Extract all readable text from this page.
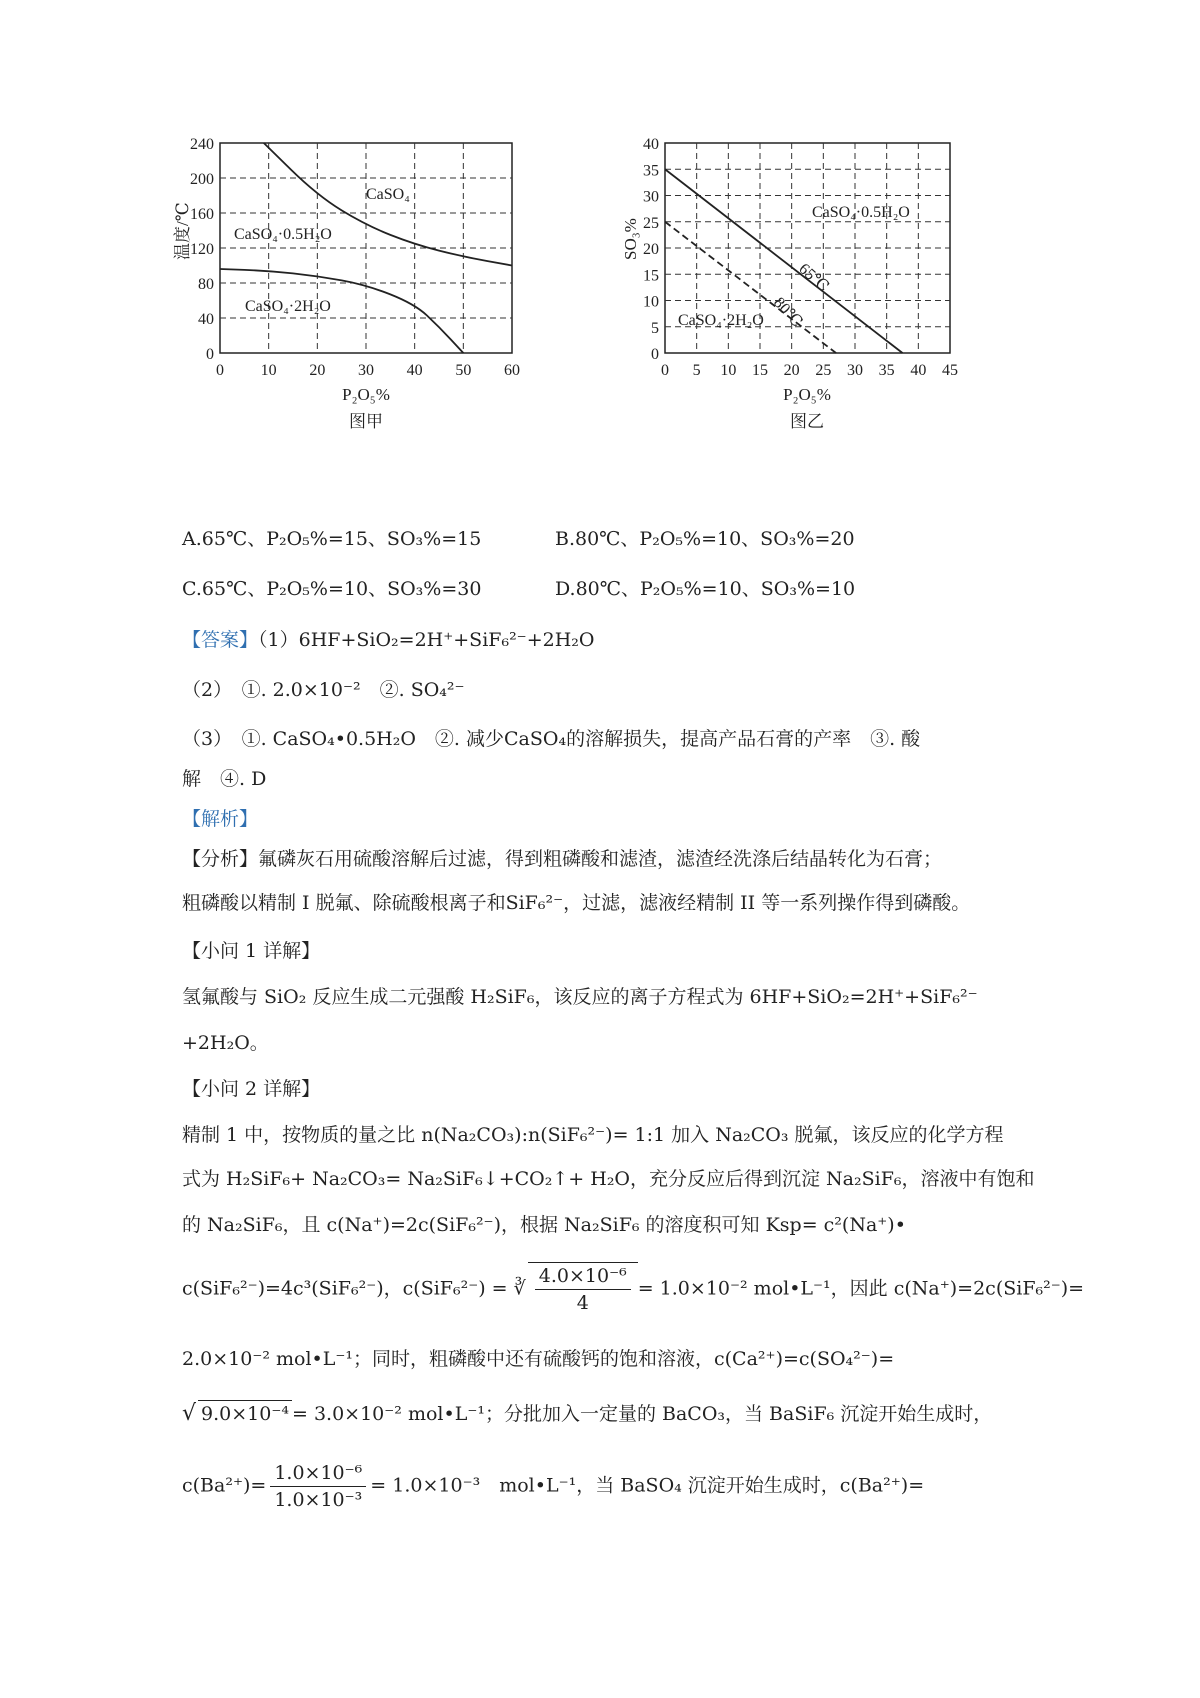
0 10 20 30 40 50 60
0
40
80
120
160
200
240
温度/℃
P₂O₅%
图甲
CaSO₄
CaSO₄·0.5H₂O
CaSO₄·2H₂O
0 5 10 15 20 25 30 35 40 45
0
5
10
15
20
25
30
35
40
SO₃%
P₂O₅%
图乙
CaSO₄·0.5H₂O
CaSO₄·2H₂O
65℃
80℃
A.65℃、P₂O₅%=15、SO₃%=15	B.80℃、P₂O₅%=10、SO₃%=20
C.65℃、P₂O₅%=10、SO₃%=30	D.80℃、P₂O₅%=10、SO₃%=10
【答案】（1）6HF+SiO₂=2H⁺+SiF₆²⁻+2H₂O
（2）　①. 2.0×10⁻²　②. SO₄²⁻
（3）　①. CaSO₄•0.5H₂O　②. 减少CaSO₄的溶解损失，提高产品石膏的产率　③. 酸
解　④. D
【解析】
【分析】氟磷灰石用硫酸溶解后过滤，得到粗磷酸和滤渣，滤渣经洗涤后结晶转化为石膏；
粗磷酸以精制 I 脱氟、除硫酸根离子和SiF₆²⁻，过滤，滤液经精制 II 等一系列操作得到磷酸。
【小问 1 详解】
氢氟酸与 SiO₂ 反应生成二元强酸 H₂SiF₆，该反应的离子方程式为 6HF+SiO₂=2H⁺+SiF₆²⁻
+2H₂O。
【小问 2 详解】
精制 1 中，按物质的量之比 n(Na₂CO₃):n(SiF₆²⁻)= 1:1 加入 Na₂CO₃ 脱氟，该反应的化学方程
式为 H₂SiF₆+ Na₂CO₃= Na₂SiF₆↓+CO₂↑+ H₂O，充分反应后得到沉淀 Na₂SiF₆，溶液中有饱和
的 Na₂SiF₆，且 c(Na⁺)=2c(SiF₆²⁻)，根据 Na₂SiF₆ 的溶度积可知 Ksp= c²(Na⁺)•
c(SiF₆²⁻)=4c³(SiF₆²⁻)，c(SiF₆²⁻) = ∛ $\frac{\text{4.0×10⁻⁶}}{4} = 1.0\times 10^{-2}$ mol•L⁻¹，因此 c(Na⁺)=2c(SiF₆²⁻)=
2.0×10⁻² mol•L⁻¹；同时，粗磷酸中还有硫酸钙的饱和溶液，c(Ca²⁺)=c(SO₄²⁻)=
√ 9.0×10⁻⁴ = 3.0×10⁻² mol•L⁻¹；分批加入一定量的 BaCO₃，当 BaSiF₆ 沉淀开始生成时，
$c(Ba^{2+})= \frac{\text{1.0×10⁻⁶}}{\text{1.0×10⁻³}} = 1.0\times 10^{-3}$　mol•L⁻¹，当 BaSO₄ 沉淀开始生成时，c(Ba²⁺)=
